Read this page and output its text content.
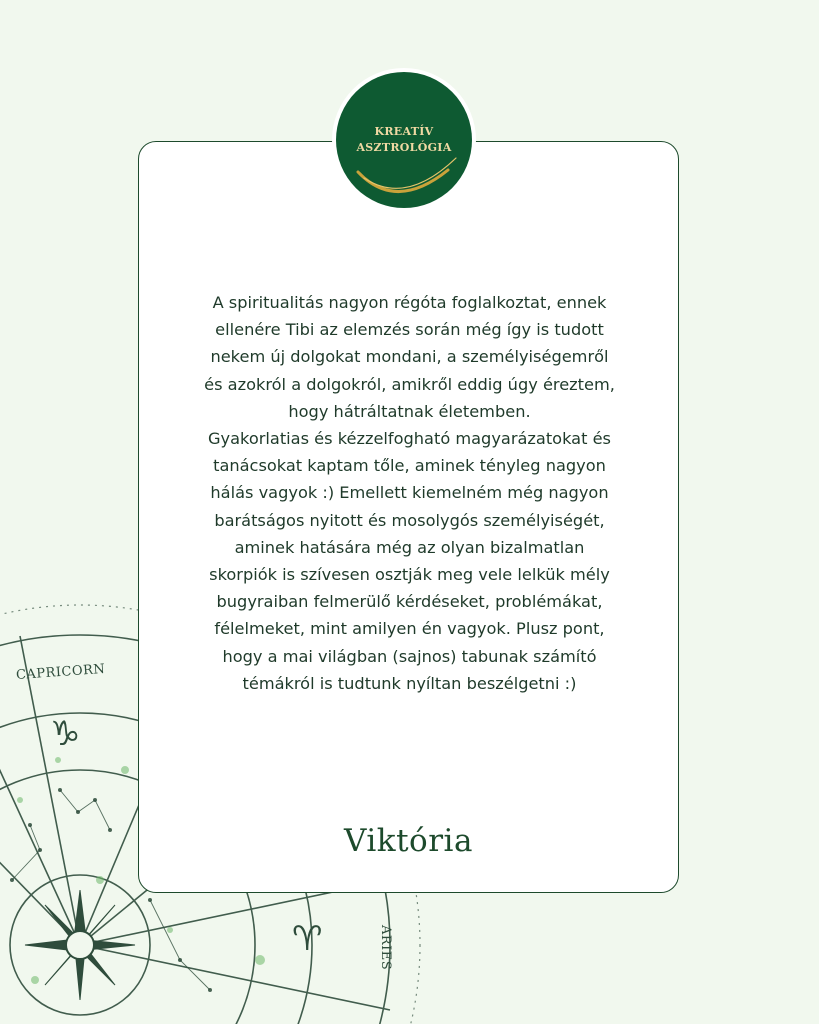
CAPRICORN
ARIES
♑
♈
KREATÍV
ASZTROLÓGIA
A spiritualitás nagyon régóta foglalkoztat, ennek
ellenére Tibi az elemzés során még így is tudott
nekem új dolgokat mondani, a személyiségemről
és azokról a dolgokról, amikről eddig úgy éreztem,
hogy hátráltatnak életemben.
Gyakorlatias és kézzelfogható magyarázatokat és
tanácsokat kaptam tőle, aminek tényleg nagyon
hálás vagyok :) Emellett kiemelném még nagyon
barátságos nyitott és mosolygós személyiségét,
aminek hatására még az olyan bizalmatlan
skorpiók is szívesen osztják meg vele lelkük mély
bugyraiban felmerülő kérdéseket, problémákat,
félelmeket, mint amilyen én vagyok. Plusz pont,
hogy a mai világban (sajnos) tabunak számító
témákról is tudtunk nyíltan beszélgetni :)
Viktória
